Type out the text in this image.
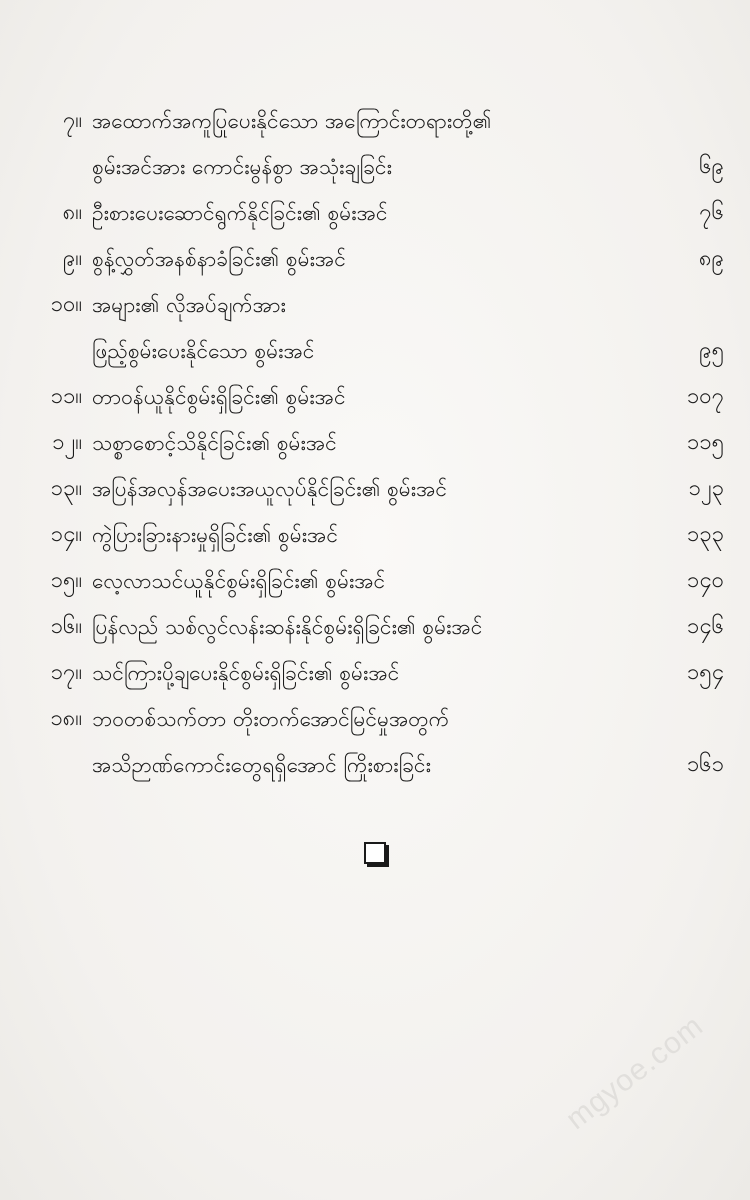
၇။ အထောက်အကူပြုပေးနိုင်သော အကြောင်းတရားတို့၏
စွမ်းအင်အား ကောင်းမွန်စွာ အသုံးချခြင်း	၆၉
၈။ ဦးစားပေးဆောင်ရွက်နိုင်ခြင်း၏ စွမ်းအင်	၇၆
၉။ စွန့်လွှတ်အနစ်နာခံခြင်း၏ စွမ်းအင်	၈၉
၁၀။ အများ၏ လိုအပ်ချက်အား
ဖြည့်စွမ်းပေးနိုင်သော စွမ်းအင်	၉၅
၁၁။ တာဝန်ယူနိုင်စွမ်းရှိခြင်း၏ စွမ်းအင်	၁၀၇
၁၂။ သစ္စာစောင့်သိနိုင်ခြင်း၏ စွမ်းအင်	၁၁၅
၁၃။ အပြန်အလှန်အပေးအယူလုပ်နိုင်ခြင်း၏ စွမ်းအင်	၁၂၃
၁၄။ ကွဲပြားခြားနားမှုရှိခြင်း၏ စွမ်းအင်	၁၃၃
၁၅။ လေ့လာသင်ယူနိုင်စွမ်းရှိခြင်း၏ စွမ်းအင်	၁၄၀
၁၆။ ပြန်လည် သစ်လွင်လန်းဆန်းနိုင်စွမ်းရှိခြင်း၏ စွမ်းအင်	၁၄၆
၁၇။ သင်ကြားပို့ချပေးနိုင်စွမ်းရှိခြင်း၏ စွမ်းအင်	၁၅၄
၁၈။ ဘဝတစ်သက်တာ တိုးတက်အောင်မြင်မှုအတွက်
အသိဉာဏ်ကောင်းတွေရရှိအောင် ကြိုးစားခြင်း	၁၆၁
mgyoe.com
